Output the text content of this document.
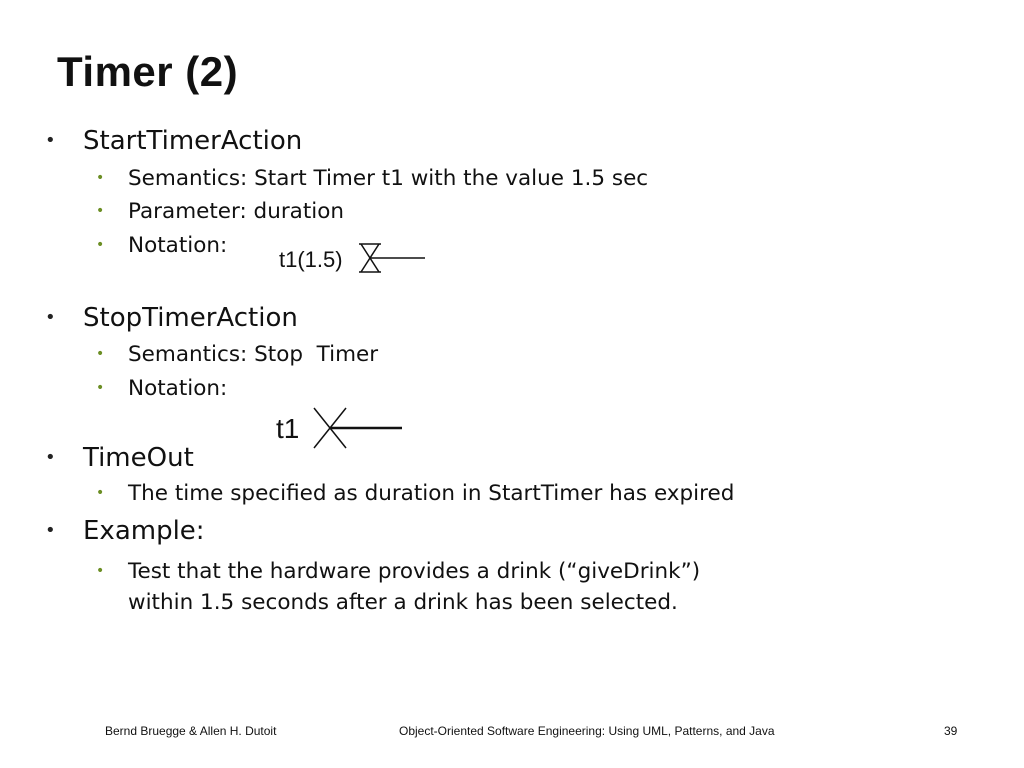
Timer (2)
• StartTimerAction
• Semantics: Start Timer t1 with the value 1.5 sec
• Parameter: duration
• Notation:
t1(1.5)
• StopTimerAction
• Semantics: Stop  Timer
• Notation:
t1
• TimeOut
• The time specified as duration in StartTimer has expired
• Example:
• Test that the hardware provides a drink (“giveDrink”)
within 1.5 seconds after a drink has been selected.
Bernd Bruegge & Allen H. Dutoit	Object-Oriented Software Engineering: Using UML, Patterns, and Java	39
